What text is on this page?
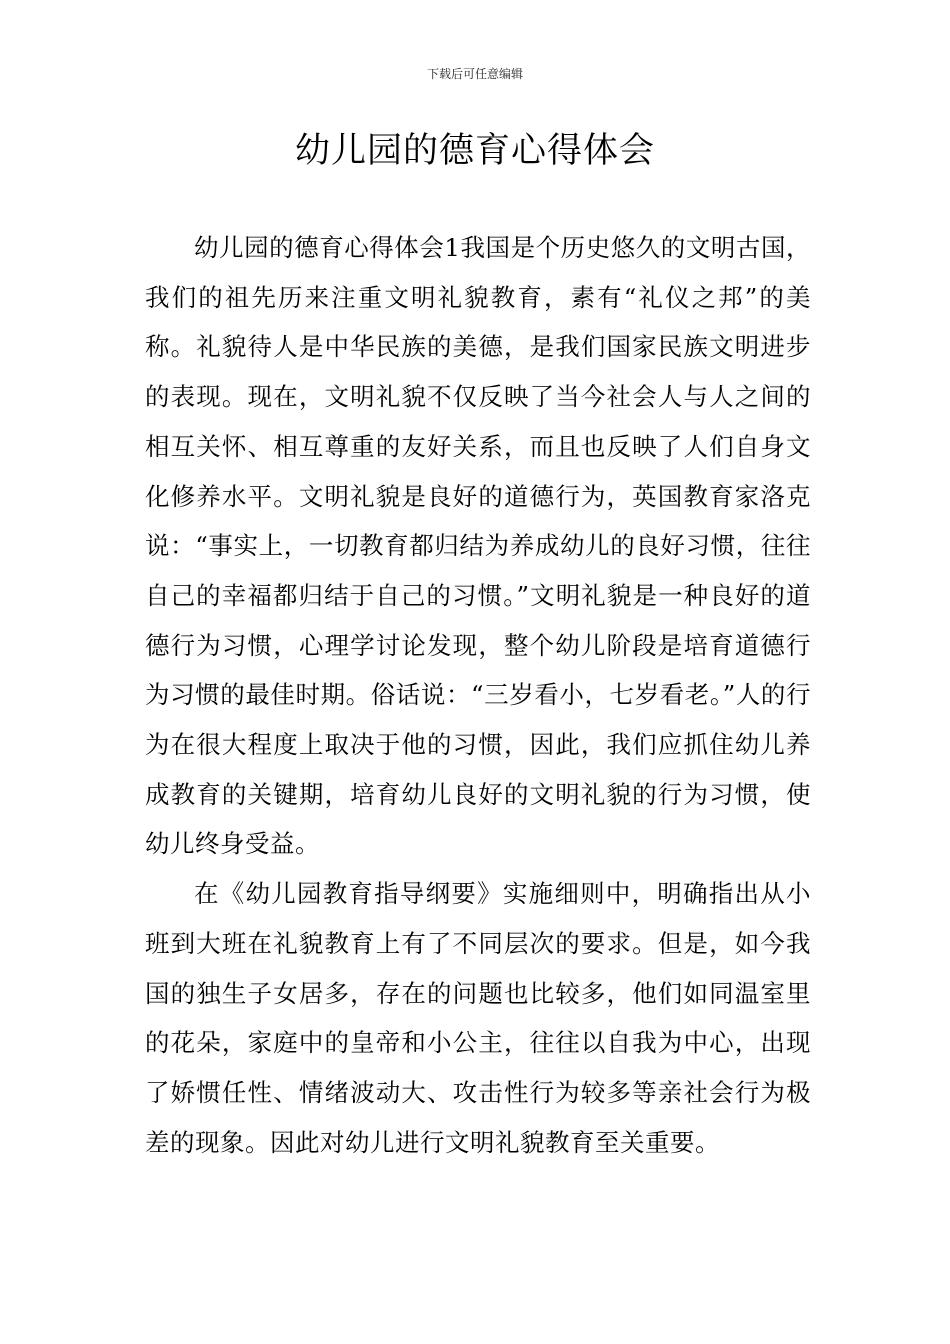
下载后可任意编辑
幼儿园的德育心得体会

幼儿园的德育心得体会1我国是个历史悠久的文明古国，我们的祖先历来注重文明礼貌教育，素有“礼仪之邦”的美称。礼貌待人是中华民族的美德，是我们国家民族文明进步的表现。现在，文明礼貌不仅反映了当今社会人与人之间的相互关怀、相互尊重的友好关系，而且也反映了人们自身文化修养水平。文明礼貌是良好的道德行为，英国教育家洛克说：“事实上，一切教育都归结为养成幼儿的良好习惯，往往自己的幸福都归结于自己的习惯。”文明礼貌是一种良好的道德行为习惯，心理学讨论发现，整个幼儿阶段是培育道德行为习惯的最佳时期。俗话说：“三岁看小，七岁看老。”人的行为在很大程度上取决于他的习惯，因此，我们应抓住幼儿养成教育的关键期，培育幼儿良好的文明礼貌的行为习惯，使幼儿终身受益。

在《幼儿园教育指导纲要》实施细则中，明确指出从小班到大班在礼貌教育上有了不同层次的要求。但是，如今我国的独生子女居多，存在的问题也比较多，他们如同温室里的花朵，家庭中的皇帝和小公主，往往以自我为中心，出现了娇惯任性、情绪波动大、攻击性行为较多等亲社会行为极差的现象。因此对幼儿进行文明礼貌教育至关重要。
